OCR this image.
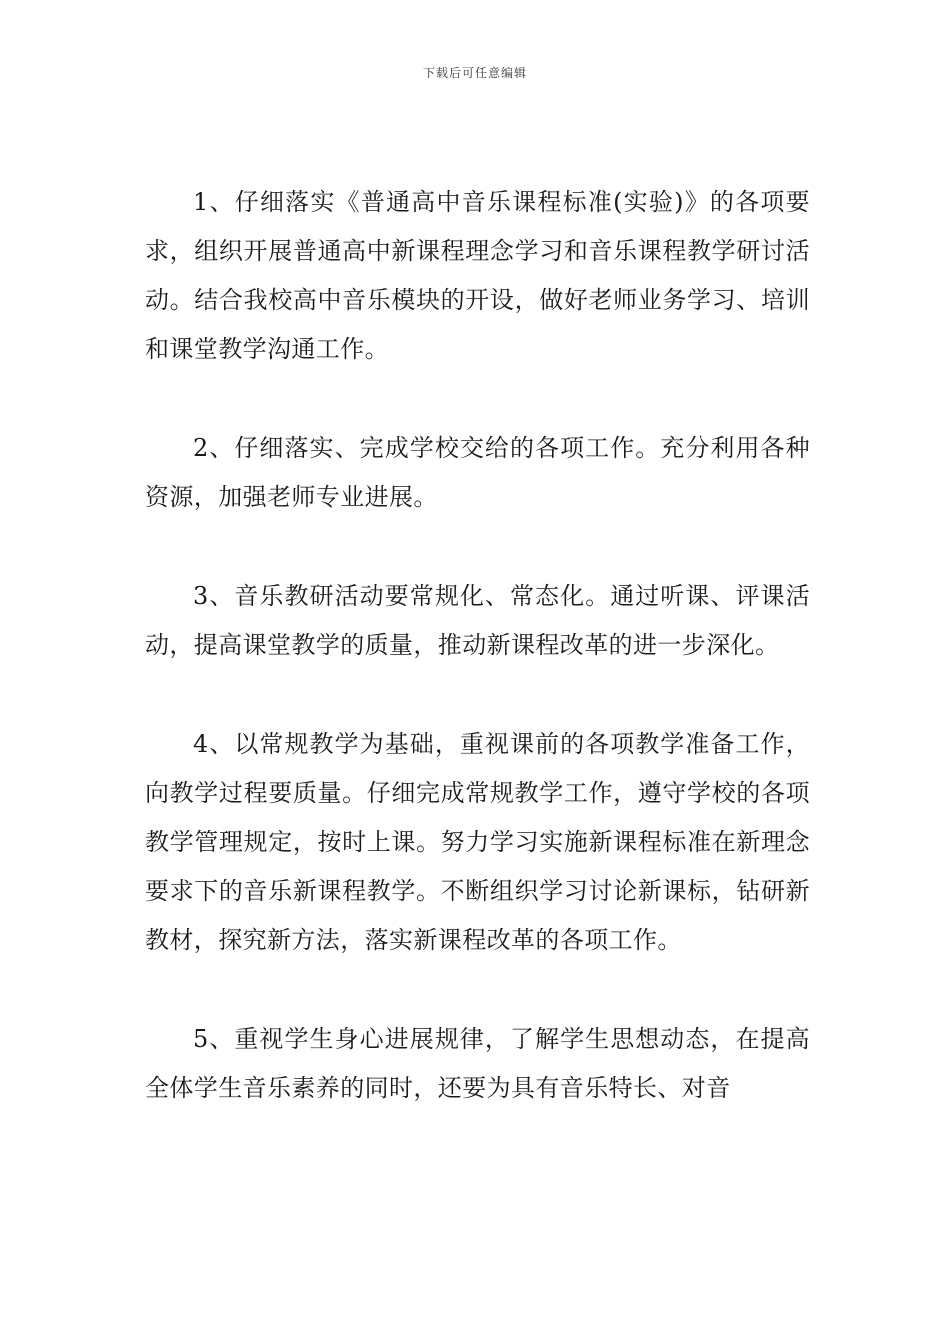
下载后可任意编辑

1、仔细落实《普通高中音乐课程标准(实验)》的各项要求，组织开展普通高中新课程理念学习和音乐课程教学研讨活动。结合我校高中音乐模块的开设，做好老师业务学习、培训和课堂教学沟通工作。

2、仔细落实、完成学校交给的各项工作。充分利用各种资源，加强老师专业进展。

3、音乐教研活动要常规化、常态化。通过听课、评课活动，提高课堂教学的质量，推动新课程改革的进一步深化。

4、以常规教学为基础，重视课前的各项教学准备工作，向教学过程要质量。仔细完成常规教学工作，遵守学校的各项教学管理规定，按时上课。努力学习实施新课程标准在新理念要求下的音乐新课程教学。不断组织学习讨论新课标，钻研新教材，探究新方法，落实新课程改革的各项工作。

5、重视学生身心进展规律，了解学生思想动态，在提高全体学生音乐素养的同时，还要为具有音乐特长、对音
